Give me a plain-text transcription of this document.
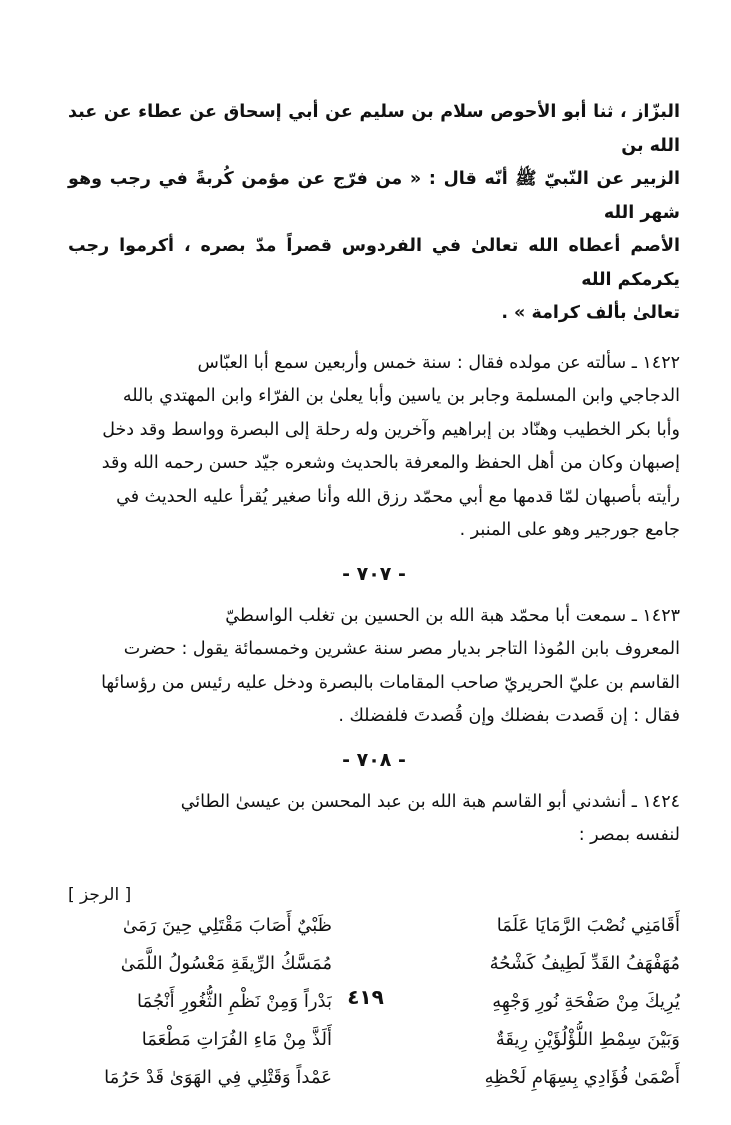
البزّاز ، ثنا أبو الأحوص سلام بن سليم عن أبي إسحاق عن عطاء عن عبد الله بن
الزبير عن النّبيّ ﷺ أنّه قال : « من فرّج عن مؤمن كُربةً في رجب وهو شهر الله
الأصم أعطاه الله تعالىٰ في الفردوس قصراً مدّ بصره ، أكرموا رجب يكرمكم الله
تعالىٰ بألف كرامة » .
١٤٢٢ ـ سألته عن مولده فقال : سنة خمس وأربعين سمع أبا العبّاس
الدجاجي وابن المسلمة وجابر بن ياسين وأبا يعلىٰ بن الفرّاء وابن المهتدي بالله
وأبا بكر الخطيب وهنّاد بن إبراهيم وآخرين وله رحلة إلى البصرة وواسط وقد دخل
إصبهان وكان من أهل الحفظ والمعرفة بالحديث وشعره جيّد حسن رحمه الله وقد
رأيته بأصبهان لمّا قدمها مع أبي محمّد رزق الله وأنا صغير يُقرأ عليه الحديث في
جامع جورجير وهو على المنبر .
- ٧٠٧ -
١٤٢٣ ـ سمعت أبا محمّد هبة الله بن الحسين بن تغلب الواسطيّ
المعروف بابن المُوذا التاجر بديار مصر سنة عشرين وخمسمائة يقول : حضرت
القاسم بن عليّ الحريريّ صاحب المقامات بالبصرة ودخل عليه رئيس من رؤسائها
فقال : إن قَصدت بفضلك وإن قُصدتَ فلفضلك .
- ٧٠٨ -
١٤٢٤ ـ أنشدني أبو القاسم هبة الله بن عبد المحسن بن عيسىٰ الطائي
لنفسه بمصر :
[ الرجز ]
أَقَامَنِي نُصْبَ الرَّمَايَا عَلَمَا
ظَبْيٌ أَصَابَ مَقْتَلِي حِينَ رَمَىٰ
مُهَفْهَفُ القَدِّ لَطِيفُ كَشْحُهُ
مُمَسَّكُ الرِّيقَةِ مَعْسُولُ اللَّمَىٰ
يُرِيكَ مِنْ صَفْحَةِ نُورِ وَجْهِهِ
بَدْراً وَمِنْ نَظْمِ الثُّغُورِ أَنْجُمَا
وَبَيْنَ سِمْطِ اللُّؤْلُؤَيْنِ رِيقَةٌ
أَلَذَّ مِنْ مَاءِ الفُرَاتِ مَطْعَمَا
أَصْمَىٰ فُؤَادِي بِسِهَامِ لَحْظِهِ
عَمْداً وَقَتْلِي فِي الهَوَىٰ قَدْ حَرُمَا
٤١٩
